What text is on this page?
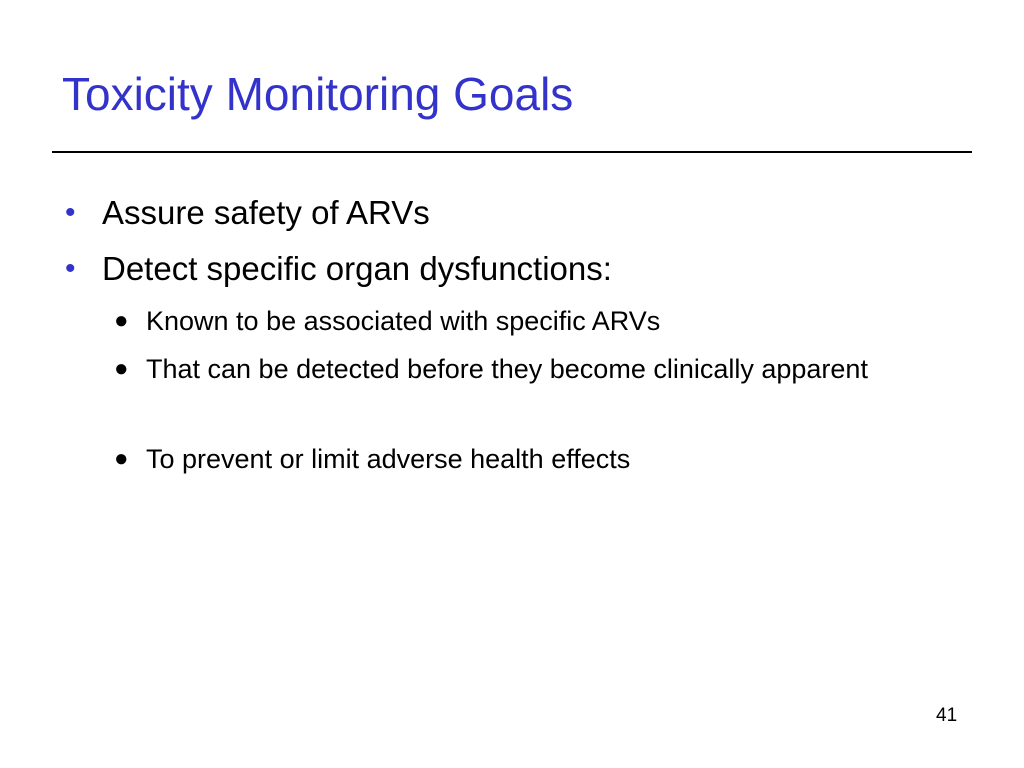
Toxicity Monitoring Goals
• Assure safety of ARVs
• Detect specific organ dysfunctions:
● Known to be associated with specific ARVs
● That can be detected before they become clinically apparent
● To prevent or limit adverse health effects
41
